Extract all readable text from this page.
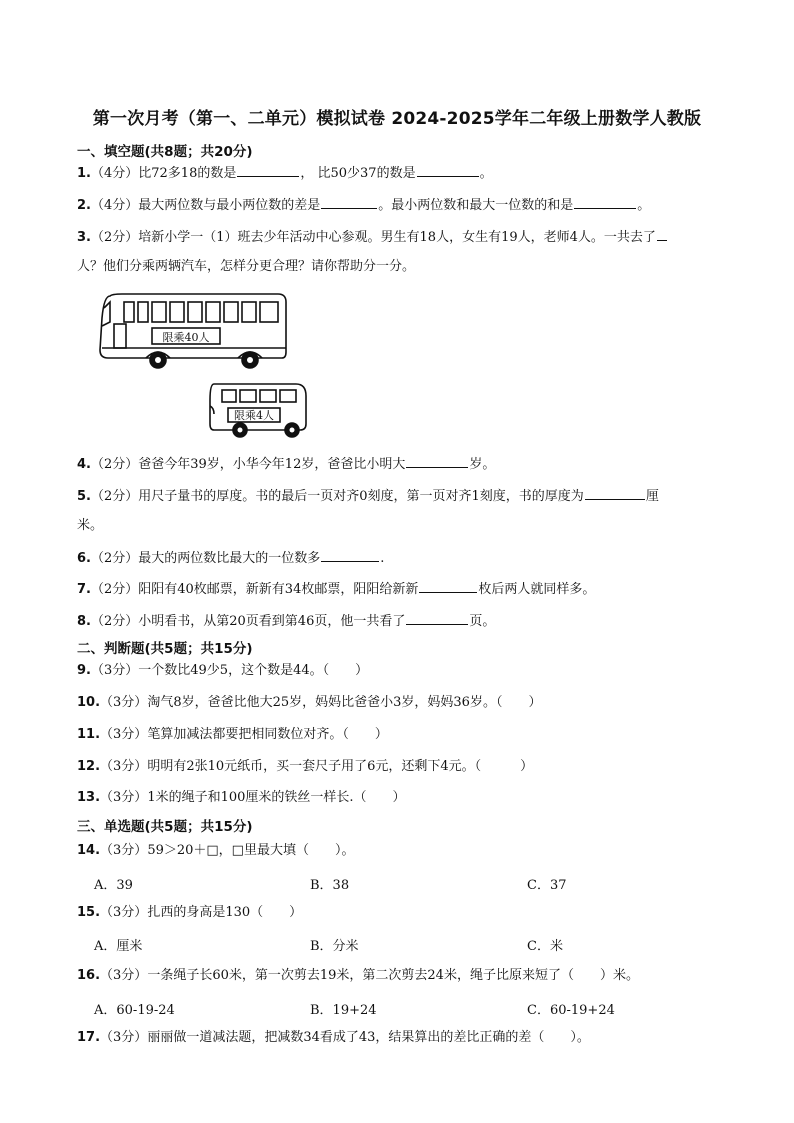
第一次月考（第一、二单元）模拟试卷 2024-2025学年二年级上册数学人教版
一、填空题(共8题；共20分)
1.（4分）比72多18的数是	， 比50少37的数是	。
2.（4分）最大两位数与最小两位数的差是	。最小两位数和最大一位数的和是	。
3.（2分）培新小学一（1）班去少年活动中心参观。男生有18人，女生有19人，老师4人。一共去了
人？他们分乘两辆汽车，怎样分更合理？请你帮助分一分。
限乘40人
限乘4人
4.（2分）爸爸今年39岁，小华今年12岁，爸爸比小明大	岁。
5.（2分）用尺子量书的厚度。书的最后一页对齐0刻度，第一页对齐1刻度，书的厚度为	厘
米。
6.（2分）最大的两位数比最大的一位数多	.
7.（2分）阳阳有40枚邮票，新新有34枚邮票，阳阳给新新	枚后两人就同样多。
8.（2分）小明看书，从第20页看到第46页，他一共看了	页。
二、判断题(共5题；共15分)
9.（3分）一个数比49少5，这个数是44。（　　）
10.（3分）淘气8岁，爸爸比他大25岁，妈妈比爸爸小3岁，妈妈36岁。（　　）
11.（3分）笔算加减法都要把相同数位对齐。（　　）
12.（3分）明明有2张10元纸币，买一套尺子用了6元，还剩下4元。（　　　）
13.（3分）1米的绳子和100厘米的铁丝一样长.（　　）
三、单选题(共5题；共15分)
14.（3分）59＞20＋□，□里最大填（　　）。
A．39	B．38	C．37
15.（3分）扎西的身高是130（　　）
A．厘米	B．分米	C．米
16.（3分）一条绳子长60米，第一次剪去19米，第二次剪去24米，绳子比原来短了（　　）米。
A．60-19-24	B．19+24	C．60-19+24
17.（3分）丽丽做一道减法题，把减数34看成了43，结果算出的差比正确的差（　　）。
